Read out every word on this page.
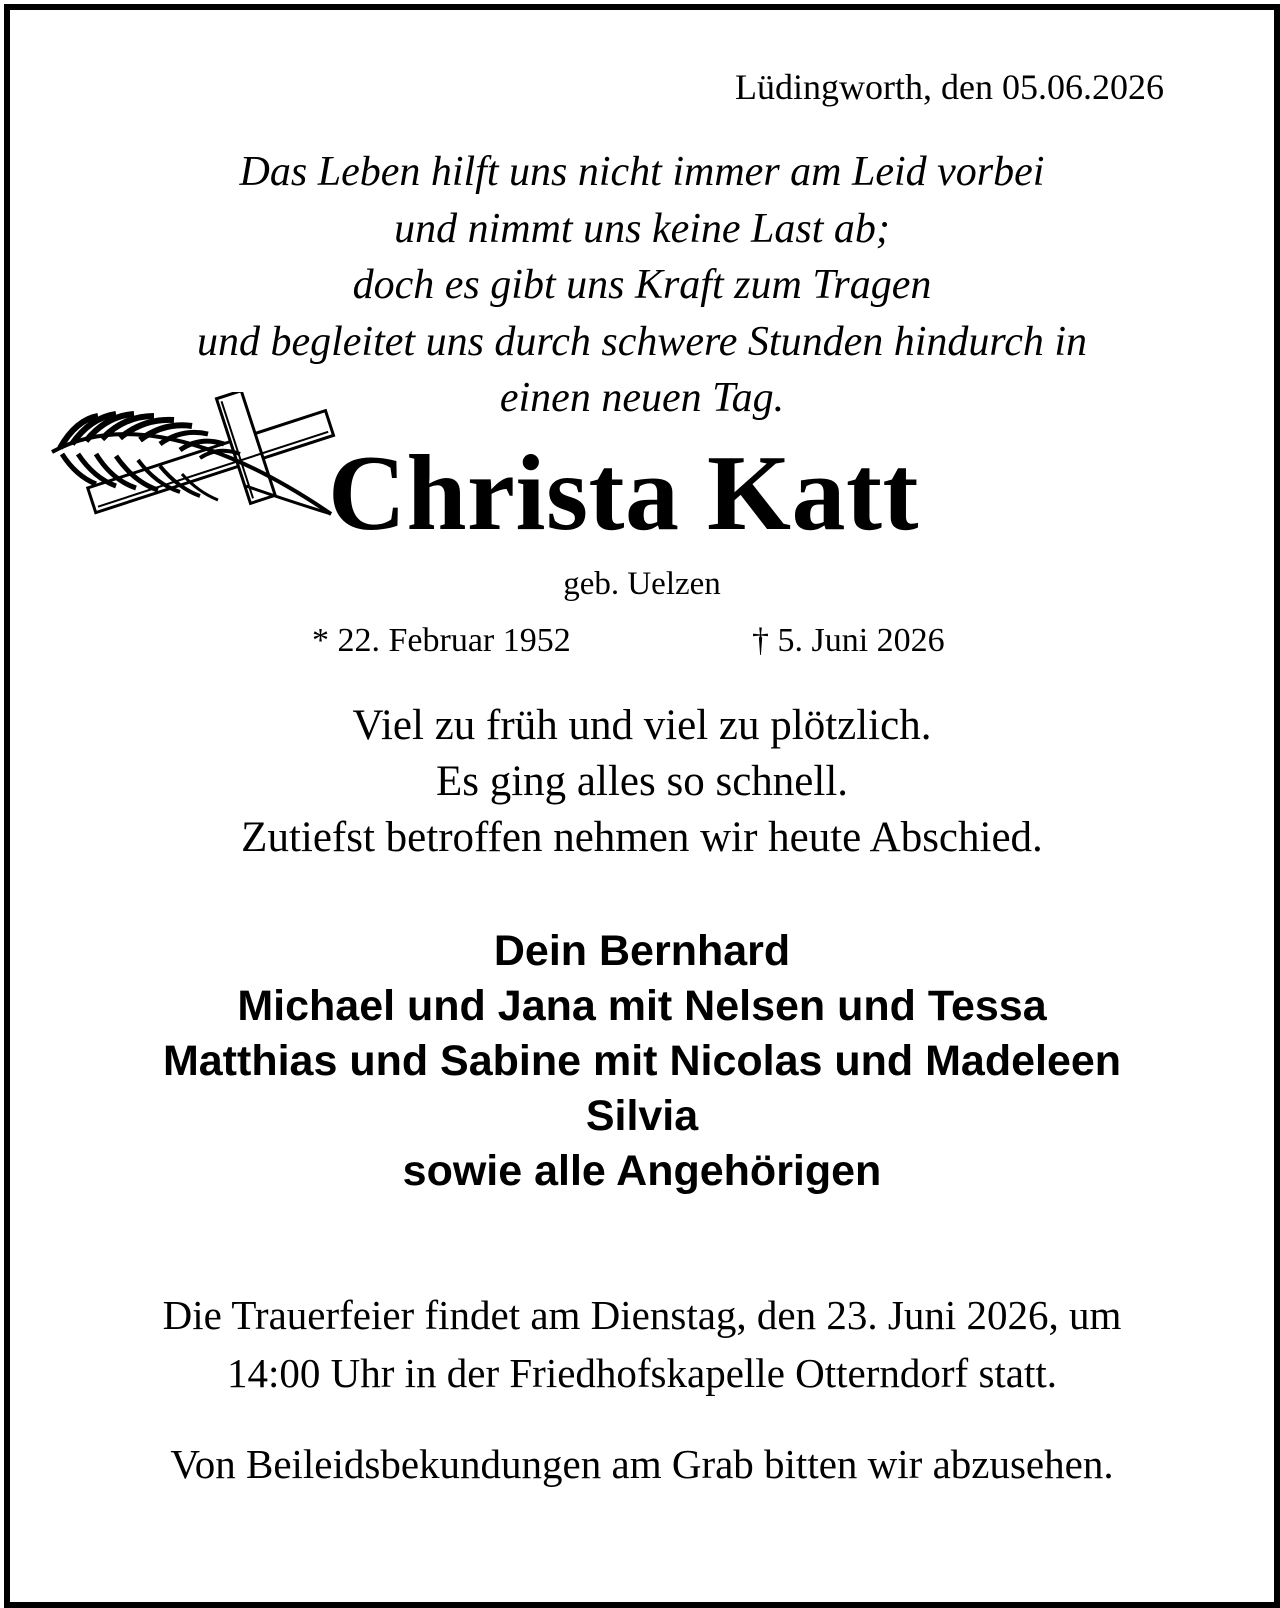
Lüdingworth, den 05.06.2026

Das Leben hilft uns nicht immer am Leid vorbei
und nimmt uns keine Last ab;
doch es gibt uns Kraft zum Tragen
und begleitet uns durch schwere Stunden hindurch in
einen neuen Tag.

Christa Katt

geb. Uelzen

* 22. Februar 1952	† 5. Juni 2026

Viel zu früh und viel zu plötzlich.
Es ging alles so schnell.
Zutiefst betroffen nehmen wir heute Abschied.
Dein Bernhard
Michael und Jana mit Nelsen und Tessa
Matthias und Sabine mit Nicolas und Madeleen
Silvia
sowie alle Angehörigen
Die Trauerfeier findet am Dienstag, den 23. Juni 2026, um
14:00 Uhr in der Friedhofskapelle Otterndorf statt.

Von Beileidsbekundungen am Grab bitten wir abzusehen.
